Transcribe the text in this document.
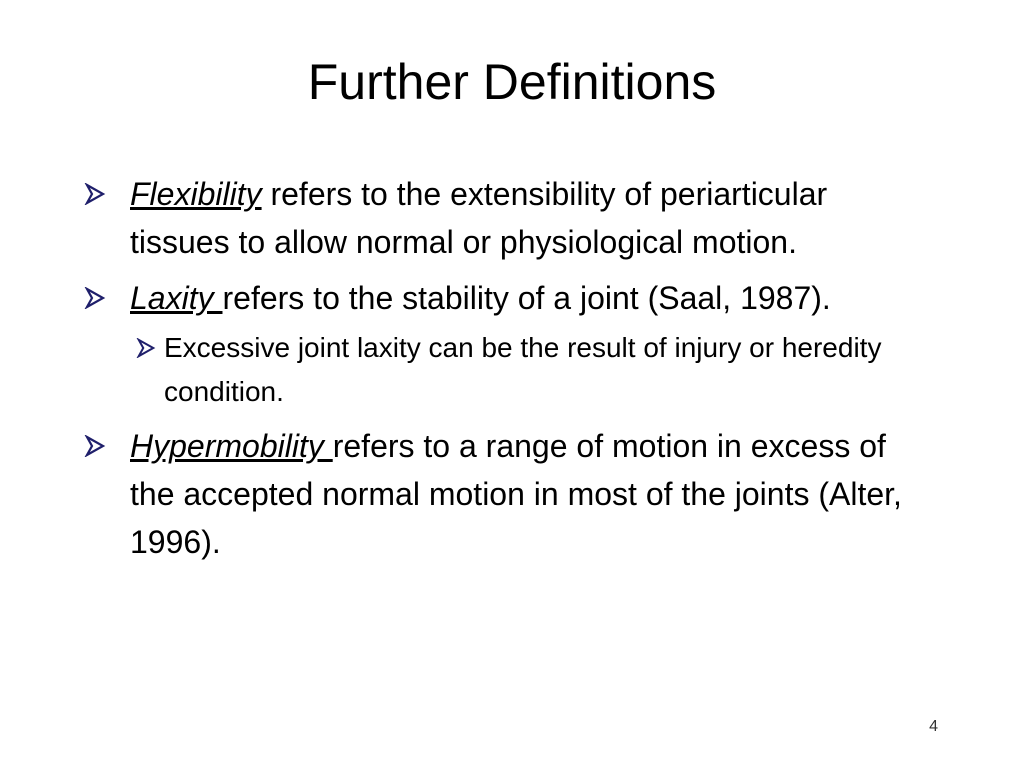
Further Definitions
Flexibility refers to the extensibility of periarticular tissues to allow normal or physiological motion.
Laxity refers to the stability of a joint (Saal, 1987).
Excessive joint laxity can be the result of injury or heredity condition.
Hypermobility refers to a range of motion in excess of the accepted normal motion in most of the joints (Alter, 1996).
4
